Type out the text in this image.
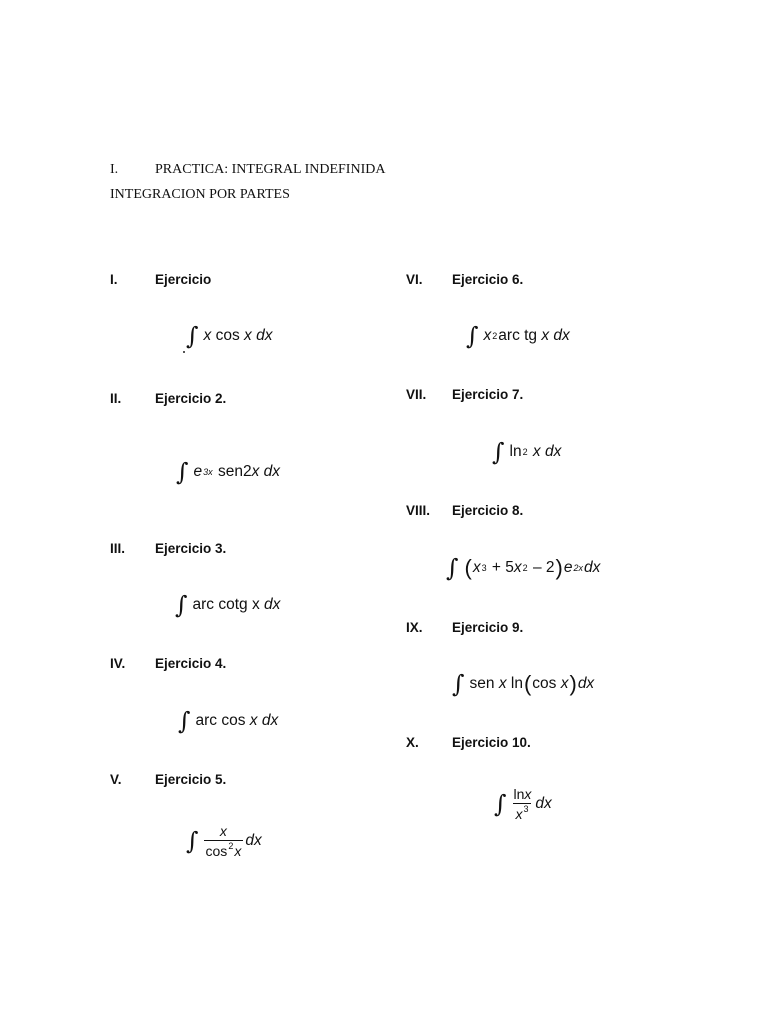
I.	PRACTICA: INTEGRAL INDEFINIDA
INTEGRACION POR PARTES
I.	Ejercicio
∫ x
cos
x
dx
II. Ejercicio 2.
∫ e 3x
sen 2 x
dx
III. Ejercicio 3.
∫ arc cotg x
dx
IV. Ejercicio 4.
∫ arc cos
x
dx
V. Ejercicio 5.
∫ $\frac{x}{\cos^2x}$ dx
VI. Ejercicio 6.
∫ x 2 arc tg
x
dx
VII. Ejercicio 7.
∫ ln 2
x
dx
VIII. Ejercicio 8.
∫ ( x 3
+ 5 x 2
– 2 ) e 2x dx
IX. Ejercicio 9.
∫ sen
x
ln ( cos
x ) dx
X. Ejercicio 10.
∫ $\frac{\ln x}{x^3}$ dx
